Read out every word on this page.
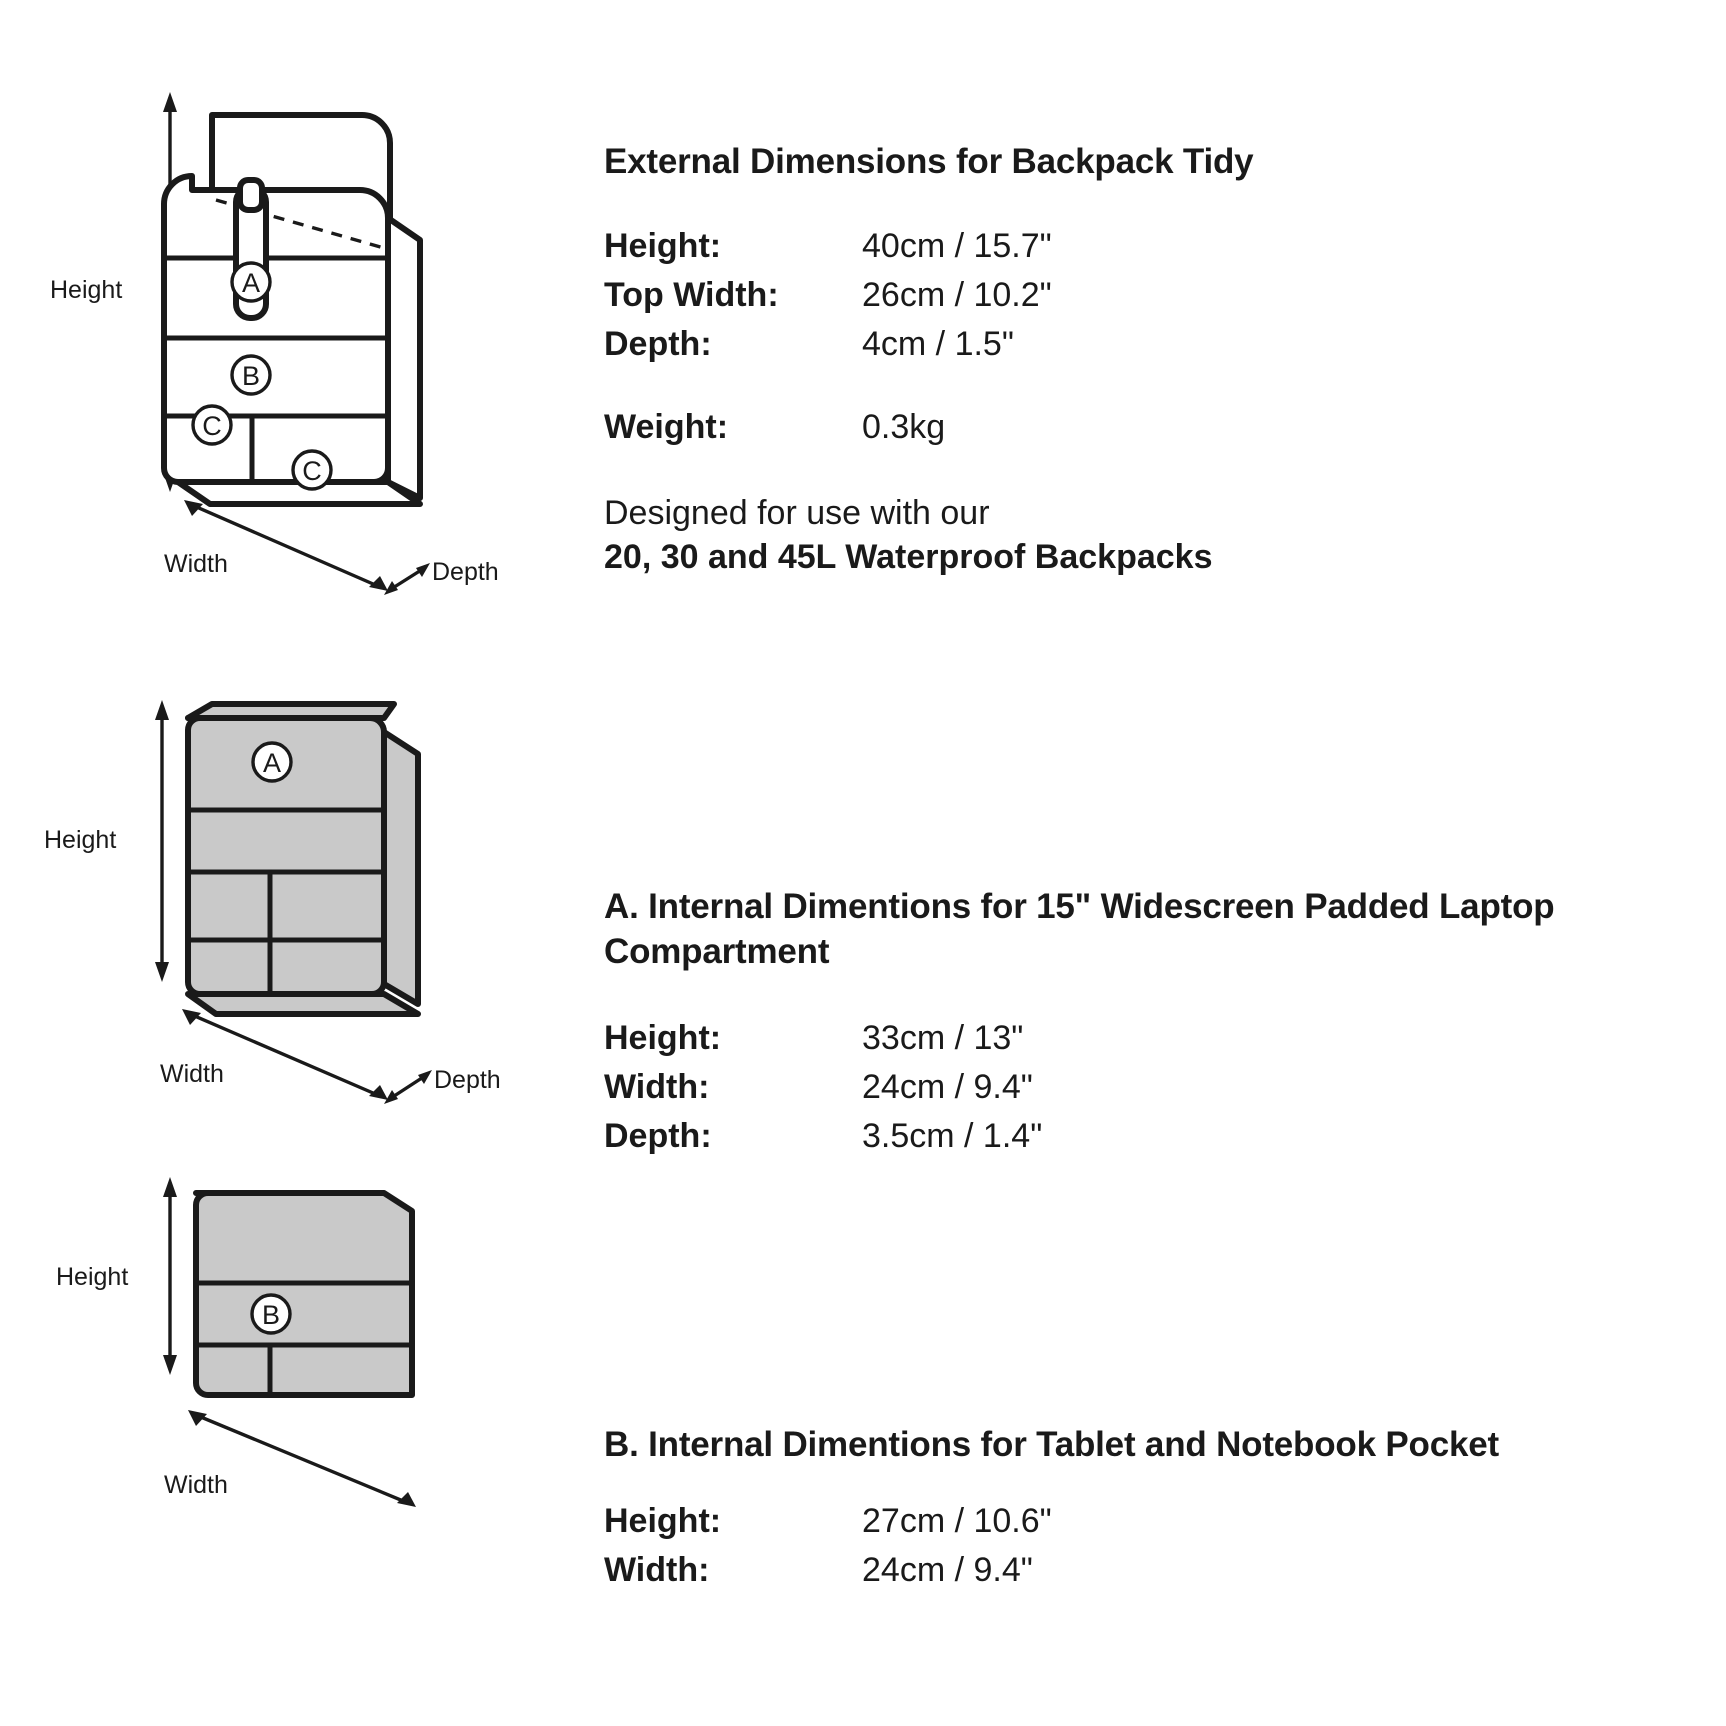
Height	A
B
C
C
Width	Depth
Height
A
Width	Depth
Height
B
Width
External Dimensions for Backpack Tidy
Height:	40cm / 15.7"
Top Width:	26cm / 10.2"
Depth:	4cm / 1.5"
Weight:	0.3kg
Designed for use with our
20, 30 and 45L Waterproof Backpacks
A. Internal Dimentions for 15" Widescreen Padded Laptop Compartment
Height:	33cm / 13"
Width:	24cm / 9.4"
Depth:	3.5cm / 1.4"
B. Internal Dimentions for Tablet and Notebook Pocket
Height:	27cm / 10.6"
Width:	24cm / 9.4"
